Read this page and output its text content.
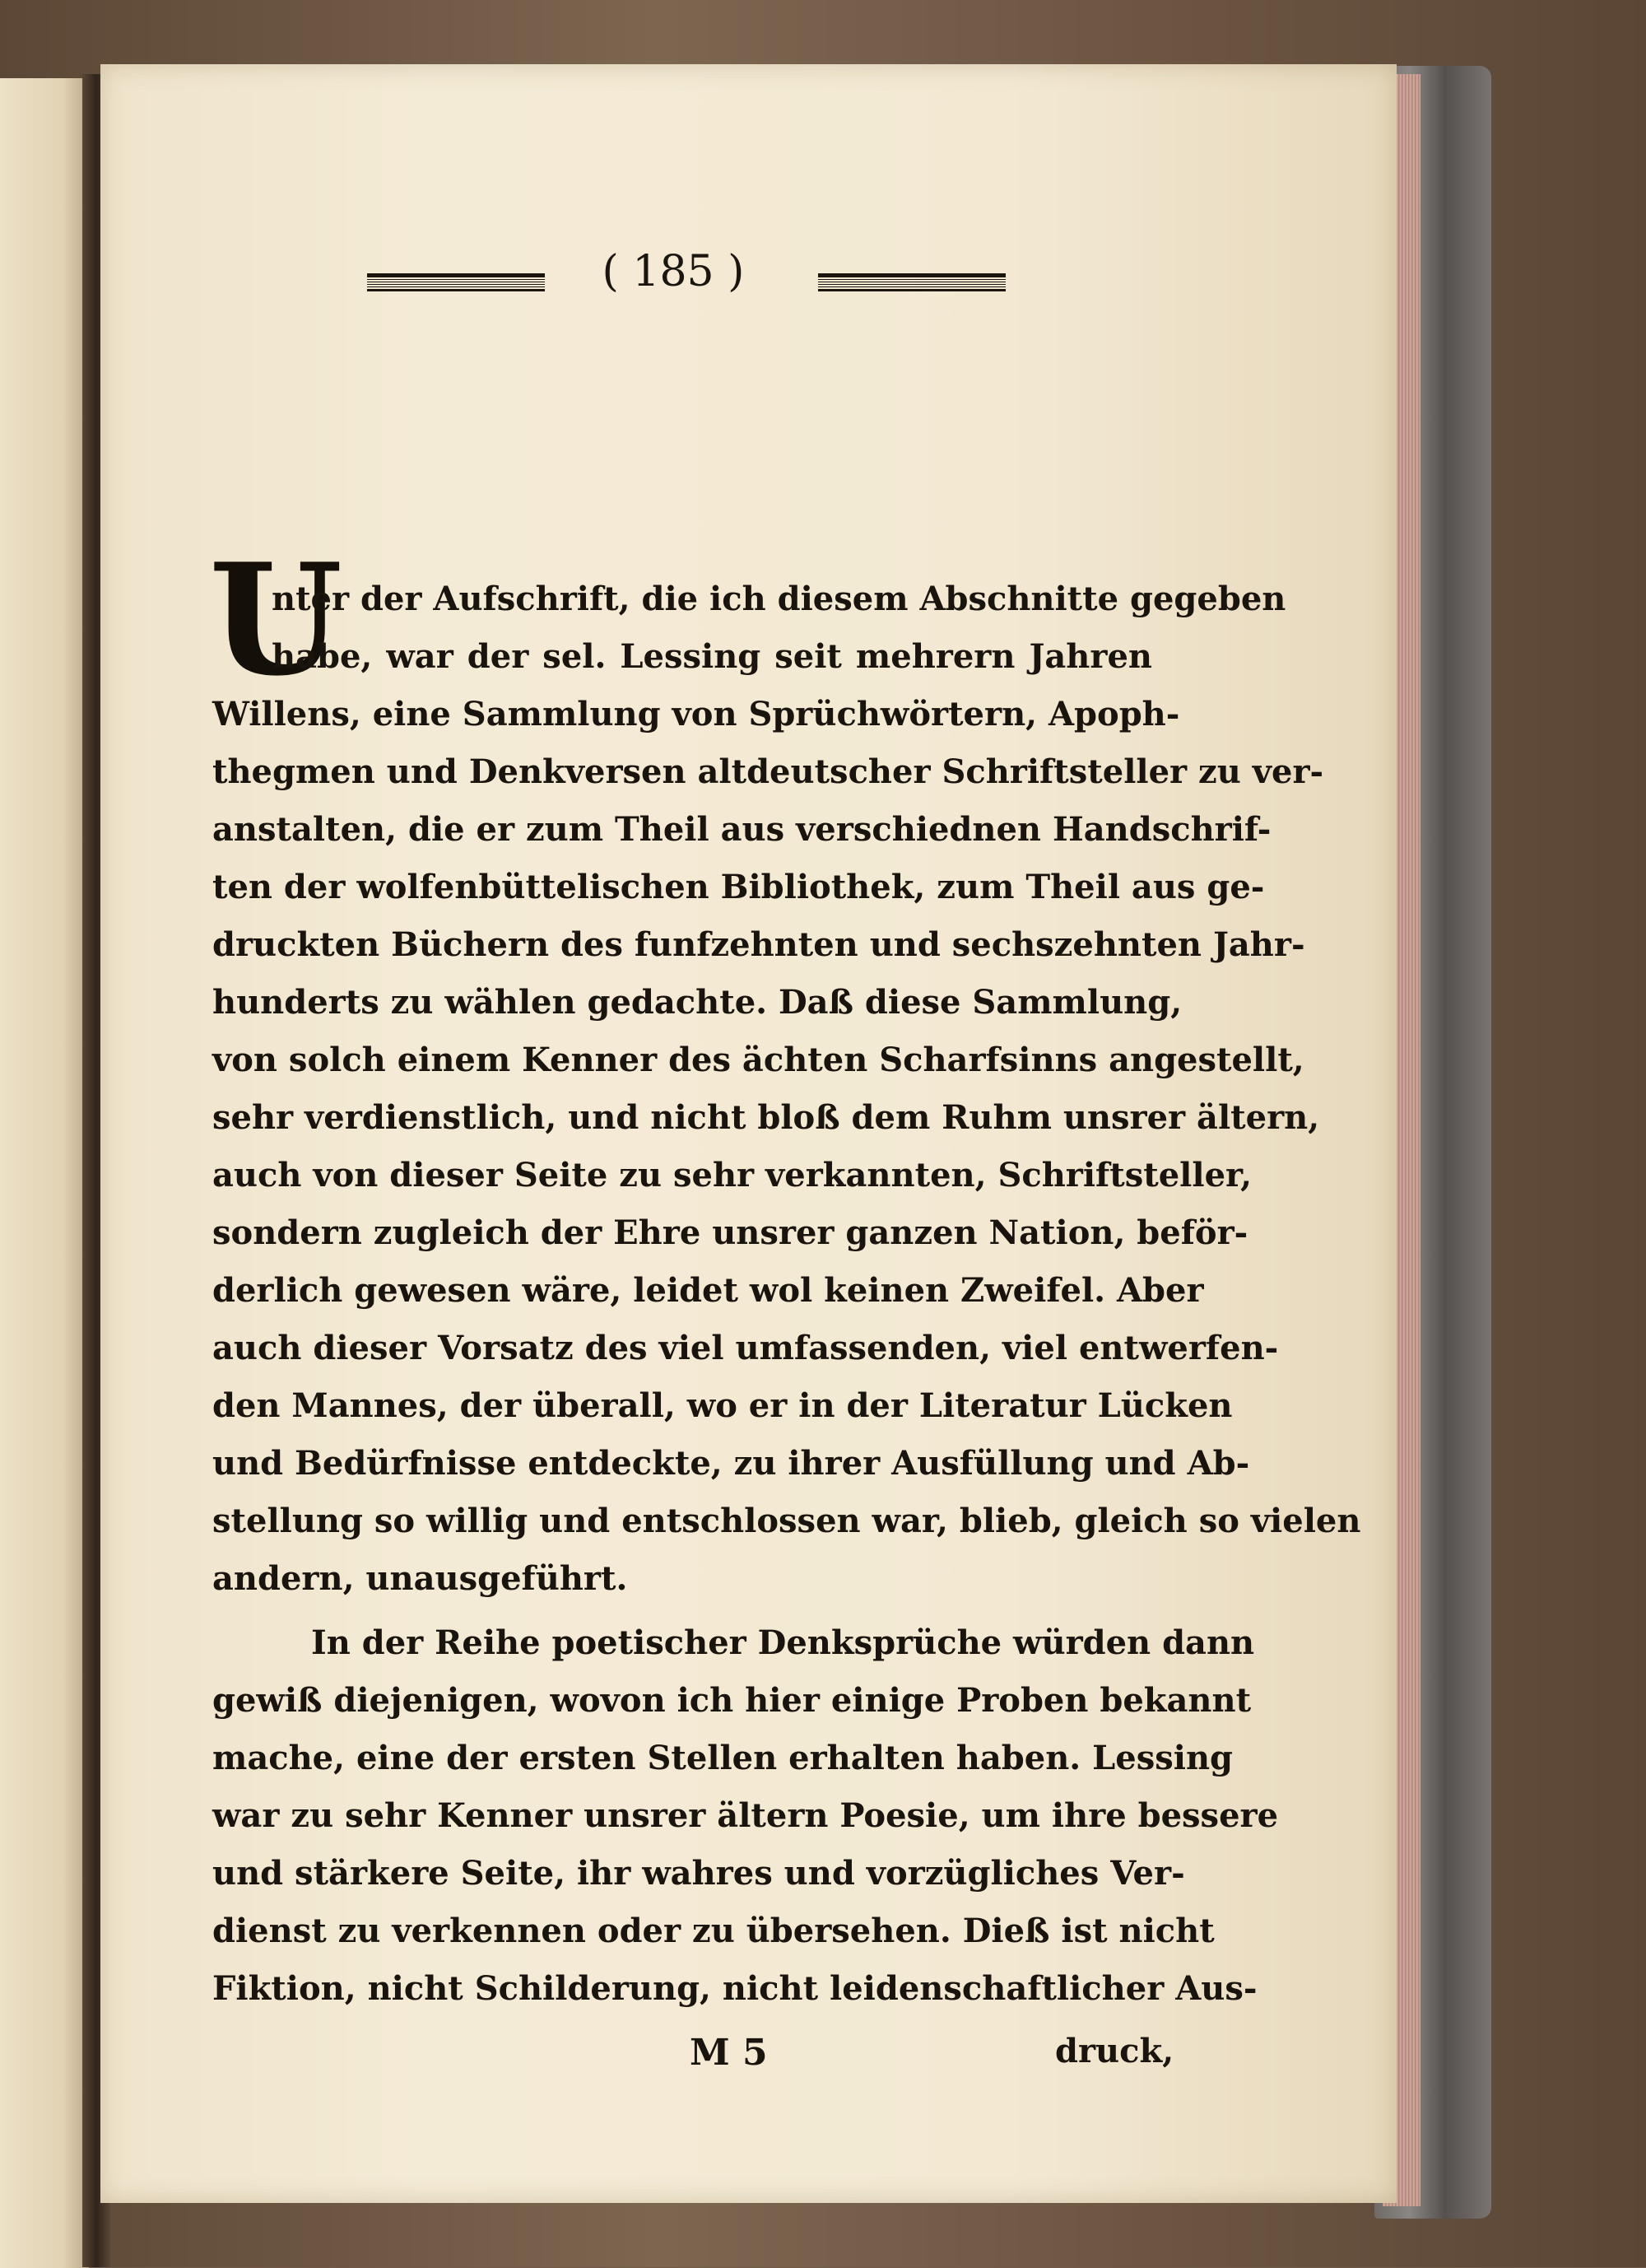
( 185 )
U

nter der Aufschrift, die ich diesem Abschnitte gegeben

habe, war der sel. Lessing seit mehrern Jahren

Willens, eine Sammlung von Sprüchwörtern, Apoph-

thegmen und Denkversen altdeutscher Schriftsteller zu ver-

anstalten, die er zum Theil aus verschiednen Handschrif-

ten der wolfenbüttelischen Bibliothek, zum Theil aus ge-

druckten Büchern des funfzehnten und sechszehnten Jahr-

hunderts zu wählen gedachte. Daß diese Sammlung,

von solch einem Kenner des ächten Scharfsinns angestellt,

sehr verdienstlich, und nicht bloß dem Ruhm unsrer ältern,

auch von dieser Seite zu sehr verkannten, Schriftsteller,

sondern zugleich der Ehre unsrer ganzen Nation, beför-

derlich gewesen wäre, leidet wol keinen Zweifel. Aber

auch dieser Vorsatz des viel umfassenden, viel entwerfen-

den Mannes, der überall, wo er in der Literatur Lücken

und Bedürfnisse entdeckte, zu ihrer Ausfüllung und Ab-

stellung so willig und entschlossen war, blieb, gleich so vielen

andern, unausgeführt.

In der Reihe poetischer Denksprüche würden dann

gewiß diejenigen, wovon ich hier einige Proben bekannt

mache, eine der ersten Stellen erhalten haben. Lessing

war zu sehr Kenner unsrer ältern Poesie, um ihre bessere

und stärkere Seite, ihr wahres und vorzügliches Ver-

dienst zu verkennen oder zu übersehen. Dieß ist nicht

Fiktion, nicht Schilderung, nicht leidenschaftlicher Aus-

M 5	druck,
